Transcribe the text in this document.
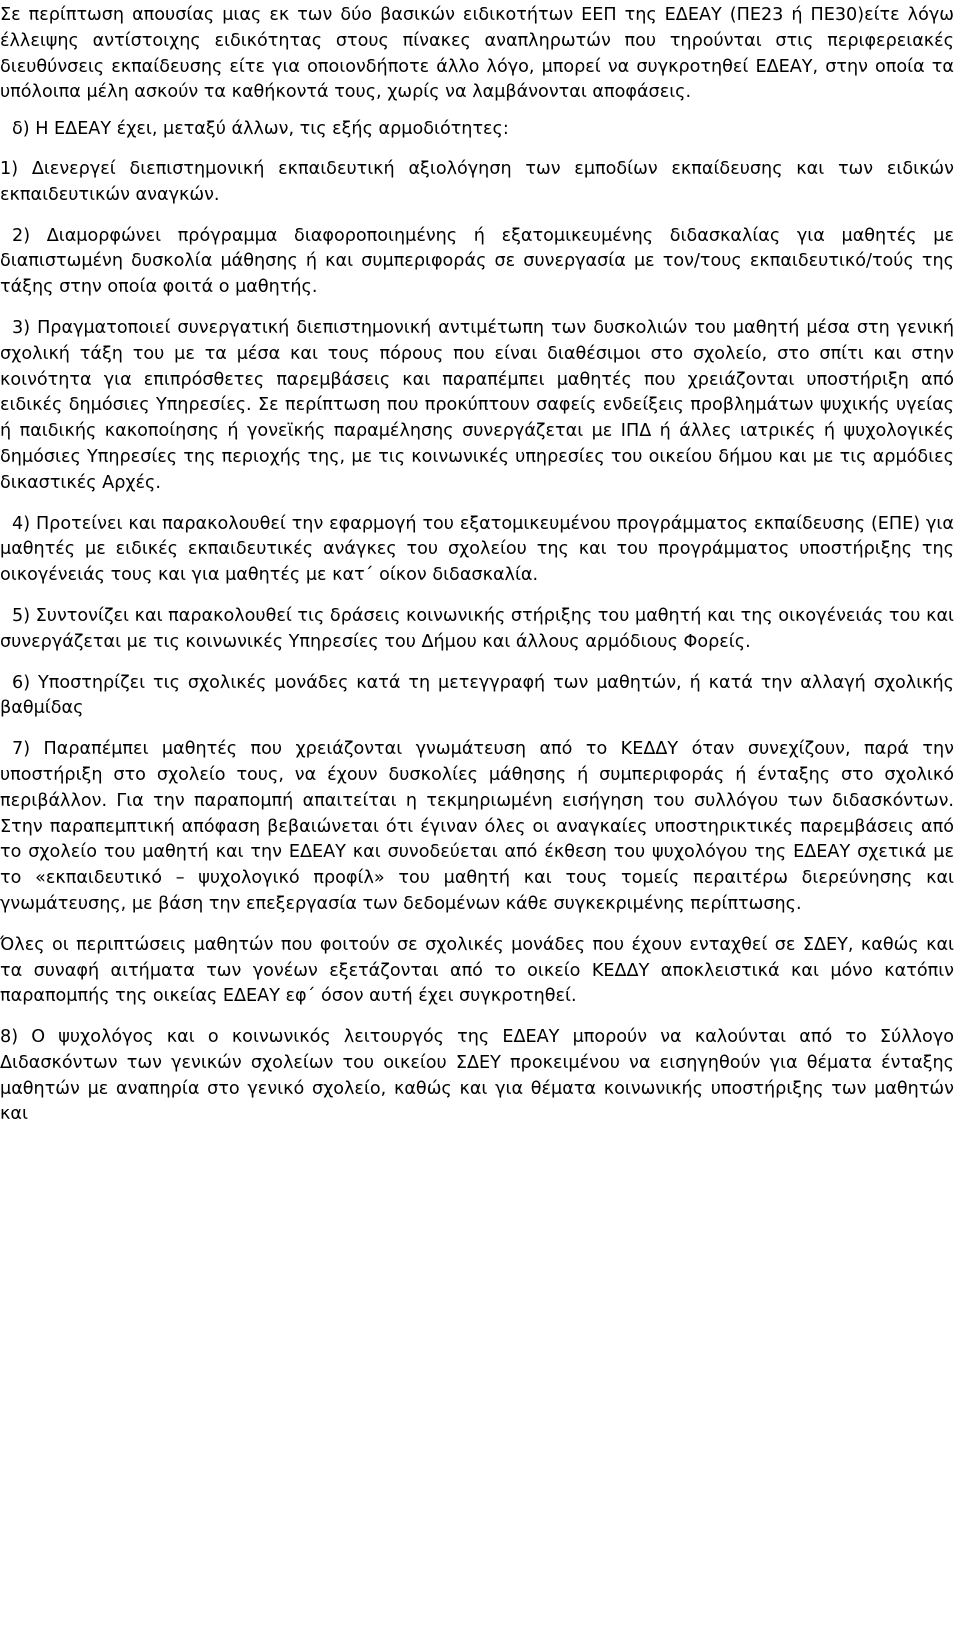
Σε περίπτωση απουσίας μιας εκ των δύο βασικών ειδικοτήτων ΕΕΠ της ΕΔΕΑΥ (ΠΕ23 ή ΠΕ30)είτε λόγω έλλειψης αντίστοιχης ειδικότητας στους πίνακες αναπληρωτών που τηρούνται στις περιφερειακές διευθύνσεις εκπαίδευσης είτε για οποιονδήποτε άλλο λόγο, μπορεί να συγκροτηθεί ΕΔΕΑΥ, στην οποία τα υπόλοιπα μέλη ασκούν τα καθήκοντά τους, χωρίς να λαμβάνονται αποφάσεις.

δ) Η ΕΔΕΑΥ έχει, μεταξύ άλλων, τις εξής αρμοδιότητες:

1) Διενεργεί διεπιστημονική εκπαιδευτική αξιολόγηση των εμποδίων εκπαίδευσης και των ειδικών εκπαιδευτικών αναγκών.

2) Διαμορφώνει πρόγραμμα διαφοροποιημένης ή εξατομικευμένης διδασκαλίας για μαθητές με διαπιστωμένη δυσκολία μάθησης ή και συμπεριφοράς σε συνεργασία με τον/τους εκπαιδευτικό/τούς της τάξης στην οποία φοιτά ο μαθητής.

3) Πραγματοποιεί συνεργατική διεπιστημονική αντιμέτωπη των δυσκολιών του μαθητή μέσα στη γενική σχολική τάξη του με τα μέσα και τους πόρους που είναι διαθέσιμοι στο σχολείο, στο σπίτι και στην κοινότητα για επιπρόσθετες παρεμβάσεις και παραπέμπει μαθητές που χρειάζονται υποστήριξη από ειδικές δημόσιες Υπηρεσίες. Σε περίπτωση που προκύπτουν σαφείς ενδείξεις προβλημάτων ψυχικής υγείας ή παιδικής κακοποίησης ή γονεϊκής παραμέλησης συνεργάζεται με ΙΠΔ ή άλλες ιατρικές ή ψυχολογικές δημόσιες Υπηρεσίες της περιοχής της, με τις κοινωνικές υπηρεσίες του οικείου δήμου και με τις αρμόδιες δικαστικές Αρχές.

4) Προτείνει και παρακολουθεί την εφαρμογή του εξατομικευμένου προγράμματος εκπαίδευσης (ΕΠΕ) για μαθητές με ειδικές εκπαιδευτικές ανάγκες του σχολείου της και του προγράμματος υποστήριξης της οικογένειάς τους και για μαθητές με κατ΄ οίκον διδασκαλία.

5) Συντονίζει και παρακολουθεί τις δράσεις κοινωνικής στήριξης του μαθητή και της οικογένειάς του και συνεργάζεται με τις κοινωνικές Υπηρεσίες του Δήμου και άλλους αρμόδιους Φορείς.

6) Υποστηρίζει τις σχολικές μονάδες κατά τη μετεγγραφή των μαθητών, ή κατά την αλλαγή σχολικής βαθμίδας

7) Παραπέμπει μαθητές που χρειάζονται γνωμάτευση από το ΚΕΔΔΥ όταν συνεχίζουν, παρά την υποστήριξη στο σχολείο τους, να έχουν δυσκολίες μάθησης ή συμπεριφοράς ή ένταξης στο σχολικό περιβάλλον. Για την παραπομπή απαιτείται η τεκμηριωμένη εισήγηση του συλλόγου των διδασκόντων. Στην παραπεμπτική απόφαση βεβαιώνεται ότι έγιναν όλες οι αναγκαίες υποστηρικτικές παρεμβάσεις από το σχολείο του μαθητή και την ΕΔΕΑΥ και συνοδεύεται από έκθεση του ψυχολόγου της ΕΔΕΑΥ σχετικά με το «εκπαιδευτικό – ψυχολογικό προφίλ» του μαθητή και τους τομείς περαιτέρω διερεύνησης και γνωμάτευσης, με βάση την επεξεργασία των δεδομένων κάθε συγκεκριμένης περίπτωσης.

Όλες οι περιπτώσεις μαθητών που φοιτούν σε σχολικές μονάδες που έχουν ενταχθεί σε ΣΔΕΥ, καθώς και τα συναφή αιτήματα των γονέων εξετάζονται από το οικείο ΚΕΔΔΥ αποκλειστικά και μόνο κατόπιν παραπομπής της οικείας ΕΔΕΑΥ εφ΄ όσον αυτή έχει συγκροτηθεί.

8) Ο ψυχολόγος και ο κοινωνικός λειτουργός της ΕΔΕΑΥ μπορούν να καλούνται από το Σύλλογο Διδασκόντων των γενικών σχολείων του οικείου ΣΔΕΥ προκειμένου να εισηγηθούν για θέματα ένταξης μαθητών με αναπηρία στο γενικό σχολείο, καθώς και για θέματα κοινωνικής υποστήριξης των μαθητών και
